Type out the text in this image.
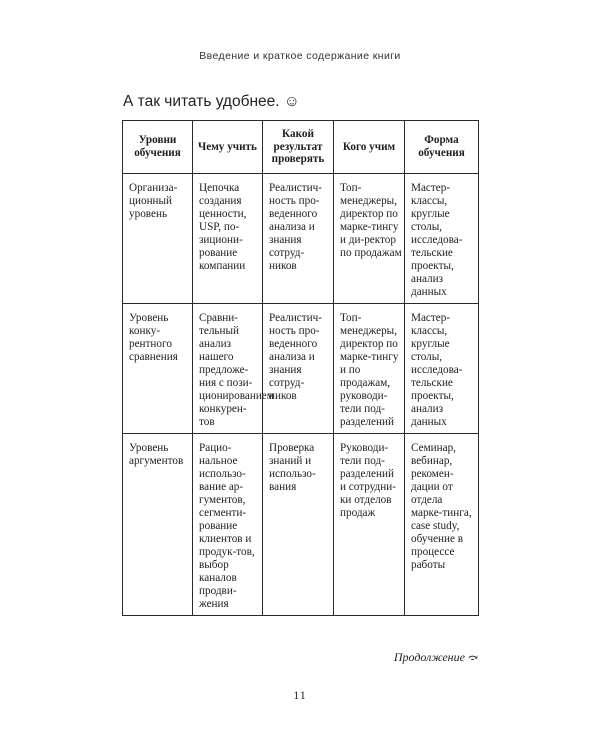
Введение и краткое содержание книги
А так читать удобнее. ☺
Уровни обучения	Чему учить	Какой результат проверять	Кого учим	Форма обучения

Организа-ционный уровень	Цепочка создания ценности, USP, по-зициони-рование компании	Реалистич-ность про-веденного анализа и знания сотруд-ников	Топ-менеджеры, директор по марке-тингу и ди-ректор по продажам	Мастер-классы, круглые столы, исследова-тельские проекты, анализ данных

Уровень конку-рентного сравнения	Сравни-тельный анализ нашего предложе-ния с пози-ционированием конкурен-тов	Реалистич-ность про-веденного анализа и знания сотруд-ников	Топ-менеджеры, директор по марке-тингу и по продажам, руководи-тели под-разделений	Мастер-классы, круглые столы, исследова-тельские проекты, анализ данных

Уровень аргументов	Рацио-нальное использо-вание ар-гументов, сегменти-рование клиентов и продук-тов, выбор каналов продви-жения	Проверка знаний и использо-вания	Руководи-тели под-разделений и сотрудни-ки отделов продаж	Семинар, вебинар, рекомен-дации от отдела марке-тинга, case study, обучение в процессе работы
Продолжение ⤼
11
